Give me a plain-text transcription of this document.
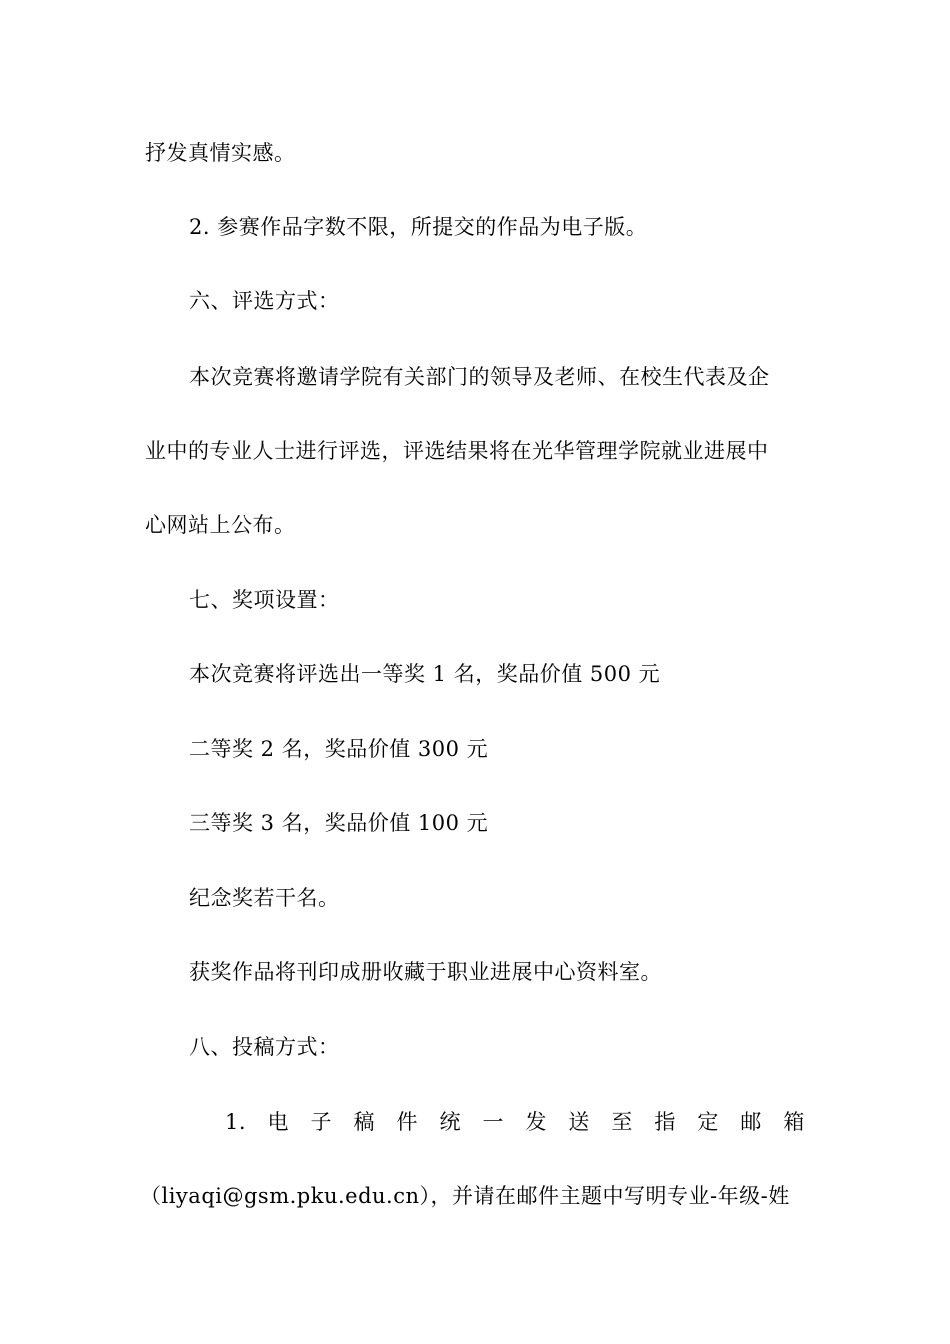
抒发真情实感。
2. 参赛作品字数不限，所提交的作品为电子版。
六、评选方式：
本次竞赛将邀请学院有关部门的领导及老师、在校生代表及企
业中的专业人士进行评选，评选结果将在光华管理学院就业进展中
心网站上公布。
七、奖项设置：
本次竞赛将评选出一等奖 1 名，奖品价值 500 元
二等奖 2 名，奖品价值 300 元
三等奖 3 名，奖品价值 100 元
纪念奖若干名。
获奖作品将刊印成册收藏于职业进展中心资料室。
八、投稿方式：
1. 电 子 稿 件 统 一 发 送 至 指 定 邮 箱
（liyaqi@gsm.pku.edu.cn），并请在邮件主题中写明专业-年级-姓
